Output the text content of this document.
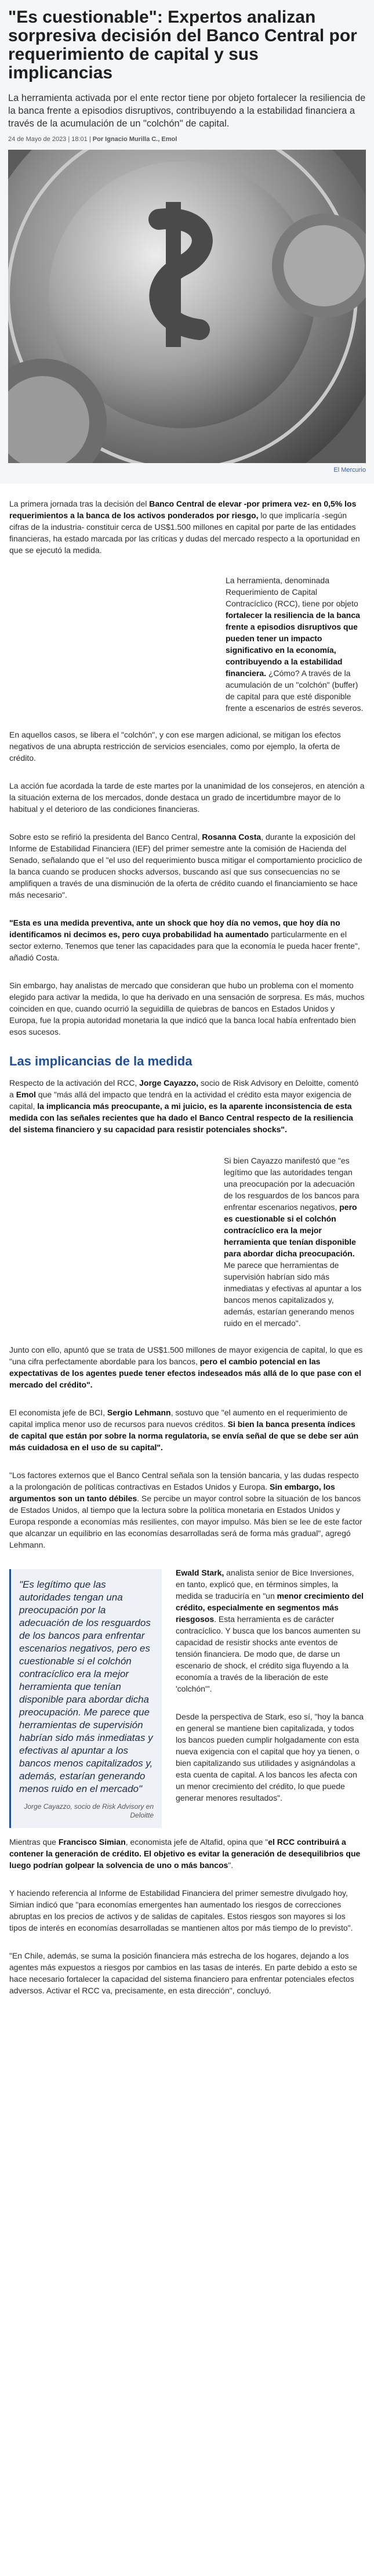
"Es cuestionable": Expertos analizan sorpresiva decisión del Banco Central por requerimiento de capital y sus implicancias

La herramienta activada por el ente rector tiene por objeto fortalecer la resiliencia de la banca frente a episodios disruptivos, contribuyendo a la estabilidad financiera a través de la acumulación de un "colchón" de capital.

24 de Mayo de 2023 | 18:01 | Por Ignacio Murilla C., Emol
El Mercurio

La primera jornada tras la decisión del Banco Central de elevar -por primera vez- en 0,5% los requerimientos a la banca de los activos ponderados por riesgo, lo que implicaría -según cifras de la industria- constituir cerca de US$1.500 millones en capital por parte de las entidades financieras, ha estado marcada por las críticas y dudas del mercado respecto a la oportunidad en que se ejecutó la medida.

La herramienta, denominada Requerimiento de Capital Contracíclico (RCC), tiene por objeto fortalecer la resiliencia de la banca frente a episodios disruptivos que pueden tener un impacto significativo en la economía, contribuyendo a la estabilidad financiera. ¿Cómo? A través de la acumulación de un "colchón" (buffer) de capital para que esté disponible frente a escenarios de estrés severos.

En aquellos casos, se libera el "colchón", y con ese margen adicional, se mitigan los efectos negativos de una abrupta restricción de servicios esenciales, como por ejemplo, la oferta de crédito.

La acción fue acordada la tarde de este martes por la unanimidad de los consejeros, en atención a la situación externa de los mercados, donde destaca un grado de incertidumbre mayor de lo habitual y el deterioro de las condiciones financieras.

Sobre esto se refirió la presidenta del Banco Central, Rosanna Costa, durante la exposición del Informe de Estabilidad Financiera (IEF) del primer semestre ante la comisión de Hacienda del Senado, señalando que el "el uso del requerimiento busca mitigar el comportamiento prociclico de la banca cuando se producen shocks adversos, buscando así que sus consecuencias no se amplifiquen a través de una disminución de la oferta de crédito cuando el financiamiento se hace más necesario".

"Esta es una medida preventiva, ante un shock que hoy día no vemos, que hoy día no identificamos ni decimos es, pero cuya probabilidad ha aumentado particularmente en el sector externo. Tenemos que tener las capacidades para que la economía le pueda hacer frente", añadió Costa.

Sin embargo, hay analistas de mercado que consideran que hubo un problema con el momento elegido para activar la medida, lo que ha derivado en una sensación de sorpresa. Es más, muchos coinciden en que, cuando ocurrió la seguidilla de quiebras de bancos en Estados Unidos y Europa, fue la propia autoridad monetaria la que indicó que la banca local había enfrentado bien esos sucesos.

Las implicancias de la medida

Respecto de la activación del RCC, Jorge Cayazzo, socio de Risk Advisory en Deloitte, comentó a Emol que "más allá del impacto que tendrá en la actividad el crédito esta mayor exigencia de capital, la implicancia más preocupante, a mi juicio, es la aparente inconsistencia de esta medida con las señales recientes que ha dado el Banco Central respecto de la resiliencia del sistema financiero y su capacidad para resistir potenciales shocks".

Si bien Cayazzo manifestó que "es legítimo que las autoridades tengan una preocupación por la adecuación de los resguardos de los bancos para enfrentar escenarios negativos, pero es cuestionable si el colchón contracíclico era la mejor herramienta que tenían disponible para abordar dicha preocupación. Me parece que herramientas de supervisión habrían sido más inmediatas y efectivas al apuntar a los bancos menos capitalizados y, además, estarían generando menos ruido en el mercado".

Junto con ello, apuntó que se trata de US$1.500 millones de mayor exigencia de capital, lo que es "una cifra perfectamente abordable para los bancos, pero el cambio potencial en las expectativas de los agentes puede tener efectos indeseados más allá de lo que pase con el mercado del crédito".

El economista jefe de BCI, Sergio Lehmann, sostuvo que "el aumento en el requerimiento de capital implica menor uso de recursos para nuevos créditos. Si bien la banca presenta índices de capital que están por sobre la norma regulatoria, se envía señal de que se debe ser aún más cuidadosa en el uso de su capital".

"Los factores externos que el Banco Central señala son la tensión bancaria, y las dudas respecto a la prolongación de políticas contractivas en Estados Unidos y Europa. Sin embargo, los argumentos son un tanto débiles. Se percibe un mayor control sobre la situación de los bancos de Estados Unidos, al tiempo que la lectura sobre la política monetaria en Estados Unidos y Europa responde a economías más resilientes, con mayor impulso. Más bien se lee de este factor que alcanzar un equilibrio en las economías desarrolladas será de forma más gradual", agregó Lehmann.

"Es legítimo que las autoridades tengan una preocupación por la adecuación de los resguardos de los bancos para enfrentar escenarios negativos, pero es cuestionable si el colchón contracíclico era la mejor herramienta que tenían disponible para abordar dicha preocupación. Me parece que herramientas de supervisión habrían sido más inmediatas y efectivas al apuntar a los bancos menos capitalizados y, además, estarían generando menos ruido en el mercado"
Jorge Cayazzo, socio de Risk Advisory en Deloitte

Ewald Stark, analista senior de Bice Inversiones, en tanto, explicó que, en términos simples, la medida se traduciría en "un menor crecimiento del crédito, especialmente en segmentos más riesgosos. Esta herramienta es de carácter contracíclico. Y busca que los bancos aumenten su capacidad de resistir shocks ante eventos de tensión financiera. De modo que, de darse un escenario de shock, el crédito siga fluyendo a la economía a través de la liberación de este 'colchón'".

Desde la perspectiva de Stark, eso sí, "hoy la banca en general se mantiene bien capitalizada, y todos los bancos pueden cumplir holgadamente con esta nueva exigencia con el capital que hoy ya tienen, o bien capitalizando sus utilidades y asignándolas a esta cuenta de capital. A los bancos les afecta con un menor crecimiento del crédito, lo que puede generar menores resultados".

Mientras que Francisco Simian, economista jefe de Altafid, opina que "el RCC contribuirá a contener la generación de crédito. El objetivo es evitar la generación de desequilibrios que luego podrían golpear la solvencia de uno o más bancos".

Y haciendo referencia al Informe de Estabilidad Financiera del primer semestre divulgado hoy, Simian indicó que "para economías emergentes han aumentado los riesgos de correcciones abruptas en los precios de activos y de salidas de capitales. Estos riesgos son mayores si los tipos de interés en economías desarrolladas se mantienen altos por más tiempo de lo previsto".

"En Chile, además, se suma la posición financiera más estrecha de los hogares, dejando a los agentes más expuestos a riesgos por cambios en las tasas de interés. En parte debido a esto se hace necesario fortalecer la capacidad del sistema financiero para enfrentar potenciales efectos adversos. Activar el RCC va, precisamente, en esta dirección", concluyó.
